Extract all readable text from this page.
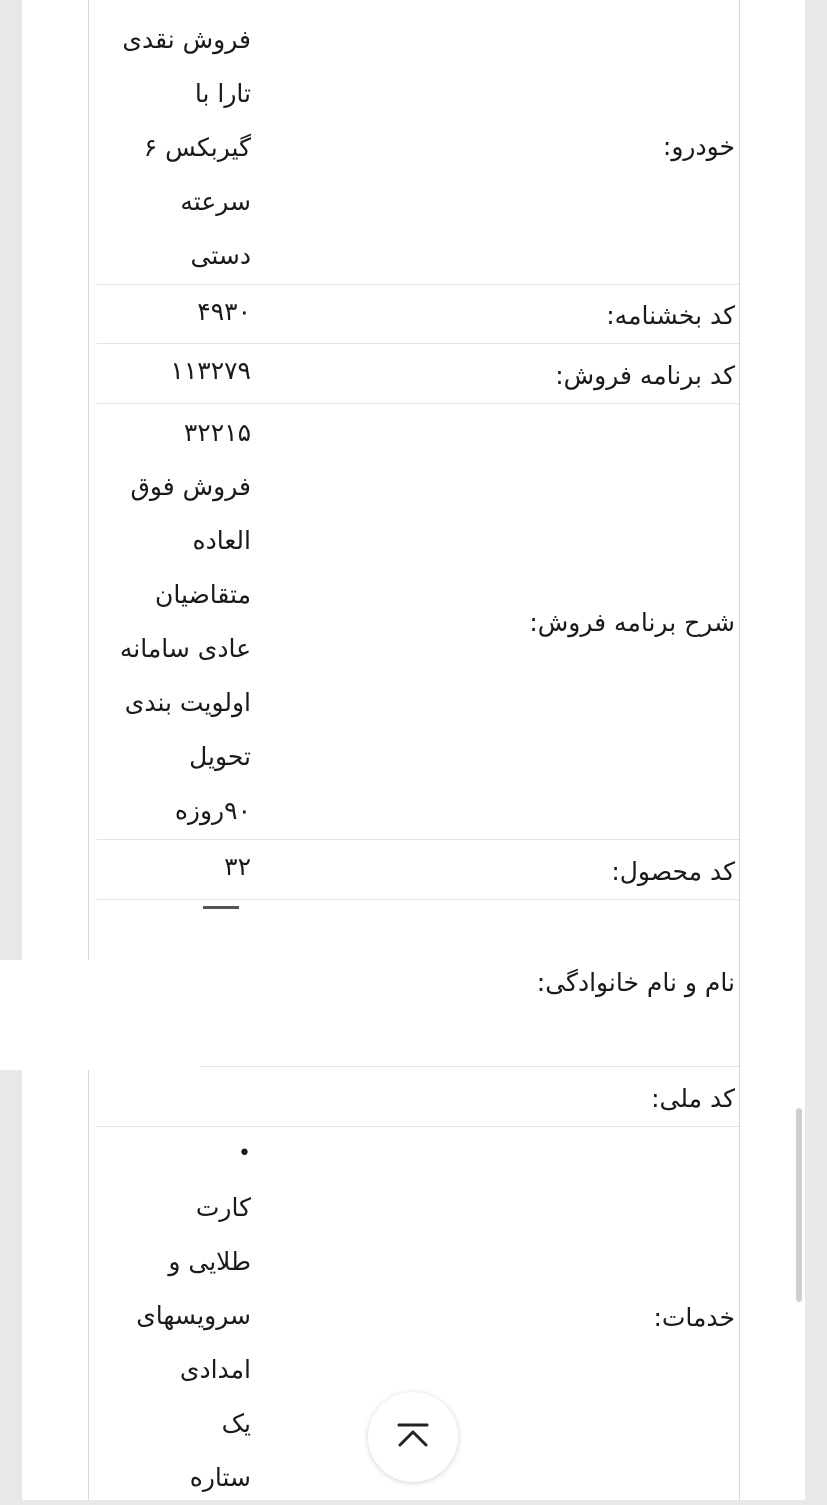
خودرو:
فروش نقدی
تارا با
گیربکس ۶
سرعته
دستی
کد بخشنامه:
۴۹۳۰
کد برنامه فروش:
۱۱۳۲۷۹
شرح برنامه فروش:
۳۲۲۱۵
فروش فوق
العاده
متقاضیان
عادی سامانه
اولویت بندی
تحویل
۹۰روزه
کد محصول:
۳۲
نام و نام خانوادگی:
کد ملی:
خدمات:
•
کارت
طلایی و
سرویسهای
امدادی
یک
ستاره
